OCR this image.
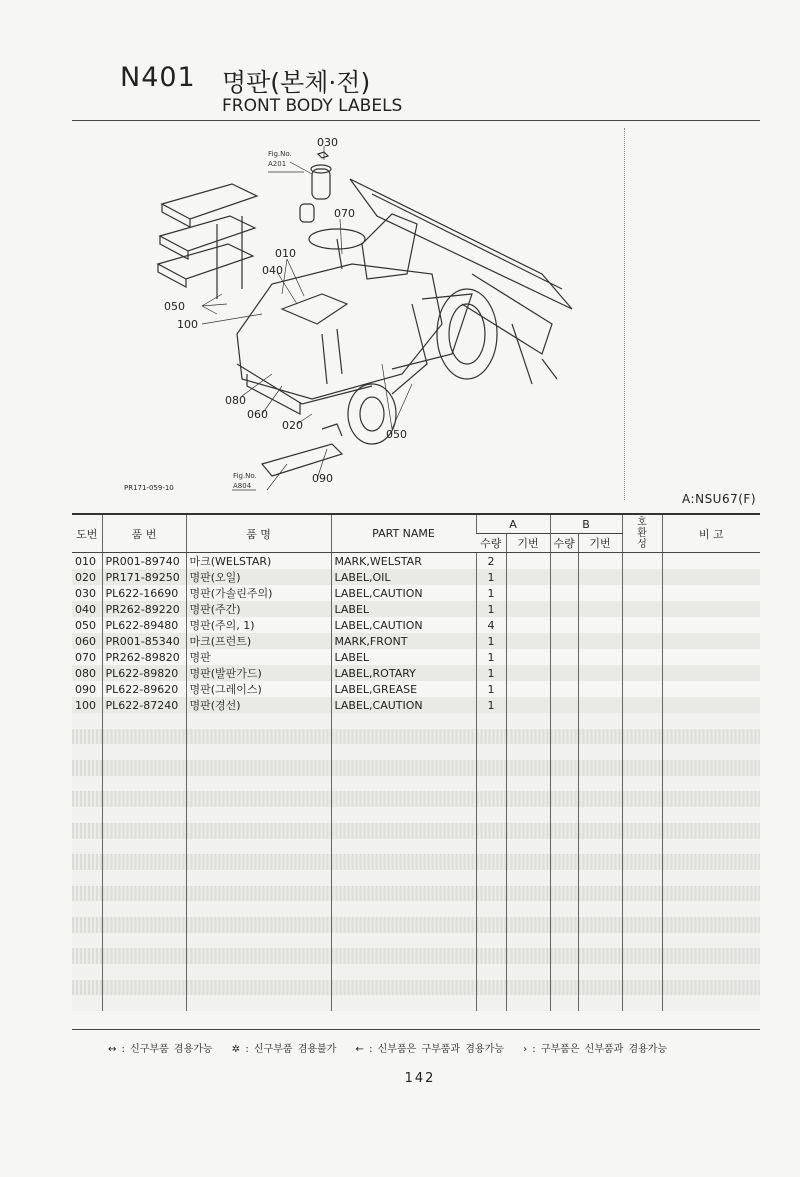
N401 명판(본체·전)
FRONT BODY LABELS
030
070
010
040
050
100
080
060
020
050
090
Fig.No.
A201
Fig.No.
A804
PR171-059-10
A:NSU67(F)
도번	품 번	품 명	PART NAME	A		B		호환성	비 고
				수량	기번	수량	기번		
010	PR001-89740	마크(WELSTAR)	MARK,WELSTAR	2					
020	PR171-89250	명판(오일)	LABEL,OIL	1					
030	PL622-16690	명판(가솔린주의)	LABEL,CAUTION	1					
040	PR262-89220	명판(주간)	LABEL	1					
050	PL622-89480	명판(주의, 1)	LABEL,CAUTION	4					
060	PR001-85340	마크(프런트)	MARK,FRONT	1					
070	PR262-89820	명판	LABEL	1					
080	PL622-89820	명판(발판가드)	LABEL,ROTARY	1					
090	PL622-89620	명판(그레이스)	LABEL,GREASE	1					
100	PL622-87240	명판(경선)	LABEL,CAUTION	1					

↔ : 신구부품 겸용가능 ✲ : 신구부품 겸용불가 ← : 신부품은 구부품과 겸용가능 › : 구부품은 신부품과 겸용가능
142
